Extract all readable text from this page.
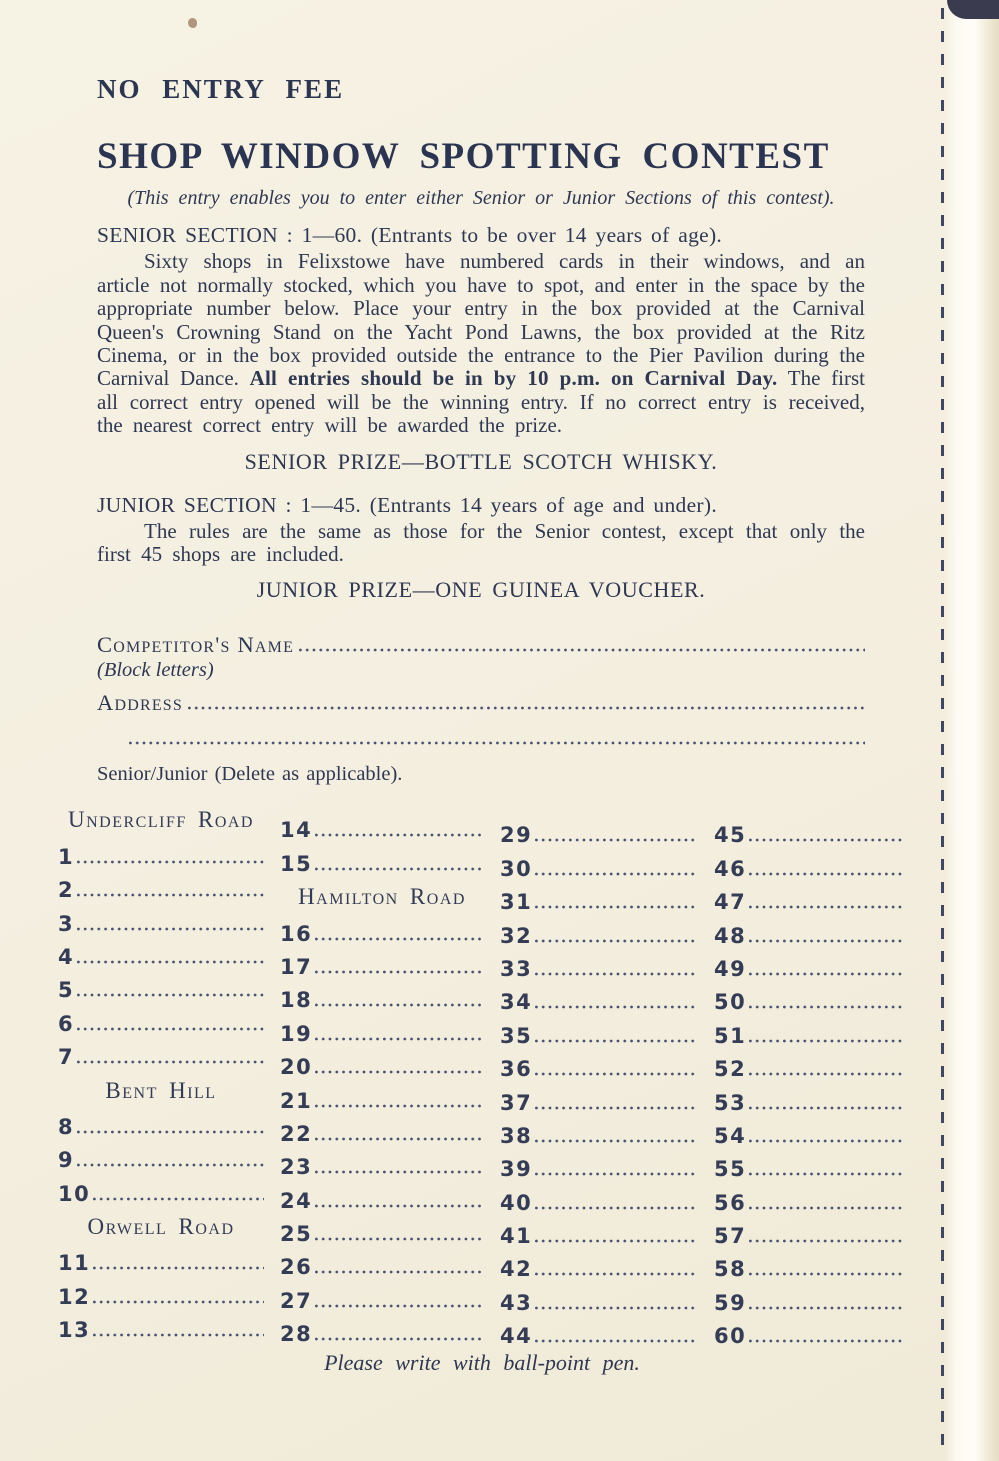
NO ENTRY FEE
SHOP WINDOW SPOTTING CONTEST
(This entry enables you to enter either Senior or Junior Sections of this contest).
SENIOR SECTION : 1—60. (Entrants to be over 14 years of age).
Sixty shops in Felixstowe have numbered cards in their windows, and an article not normally stocked, which you have to spot, and enter in the space by the appropriate number below. Place your entry in the box provided at the Carnival Queen's Crowning Stand on the Yacht Pond Lawns, the box provided at the Ritz Cinema, or in the box provided outside the entrance to the Pier Pavilion during the Carnival Dance. All entries should be in by 10 p.m. on Carnival Day. The first all correct entry opened will be the winning entry. If no correct entry is received, the nearest correct entry will be awarded the prize.
SENIOR PRIZE—BOTTLE SCOTCH WHISKY.
JUNIOR SECTION : 1—45. (Entrants 14 years of age and under).
The rules are the same as those for the Senior contest, except that only the first 45 shops are included.
JUNIOR PRIZE—ONE GUINEA VOUCHER.
Competitor's Name
(Block letters)
Address
Senior/Junior (Delete as applicable).
Undercliff Road
1
2
3
4
5
6
7
Bent Hill
8
9
10
Orwell Road
11
12
13
14
15
Hamilton Road
16
17
18
19
20
21
22
23
24
25
26
27
28
29
30
31
32
33
34
35
36
37
38
39
40
41
42
43
44
45
46
47
48
49
50
51
52
53
54
55
56
57
58
59
60
Please write with ball-point pen.
